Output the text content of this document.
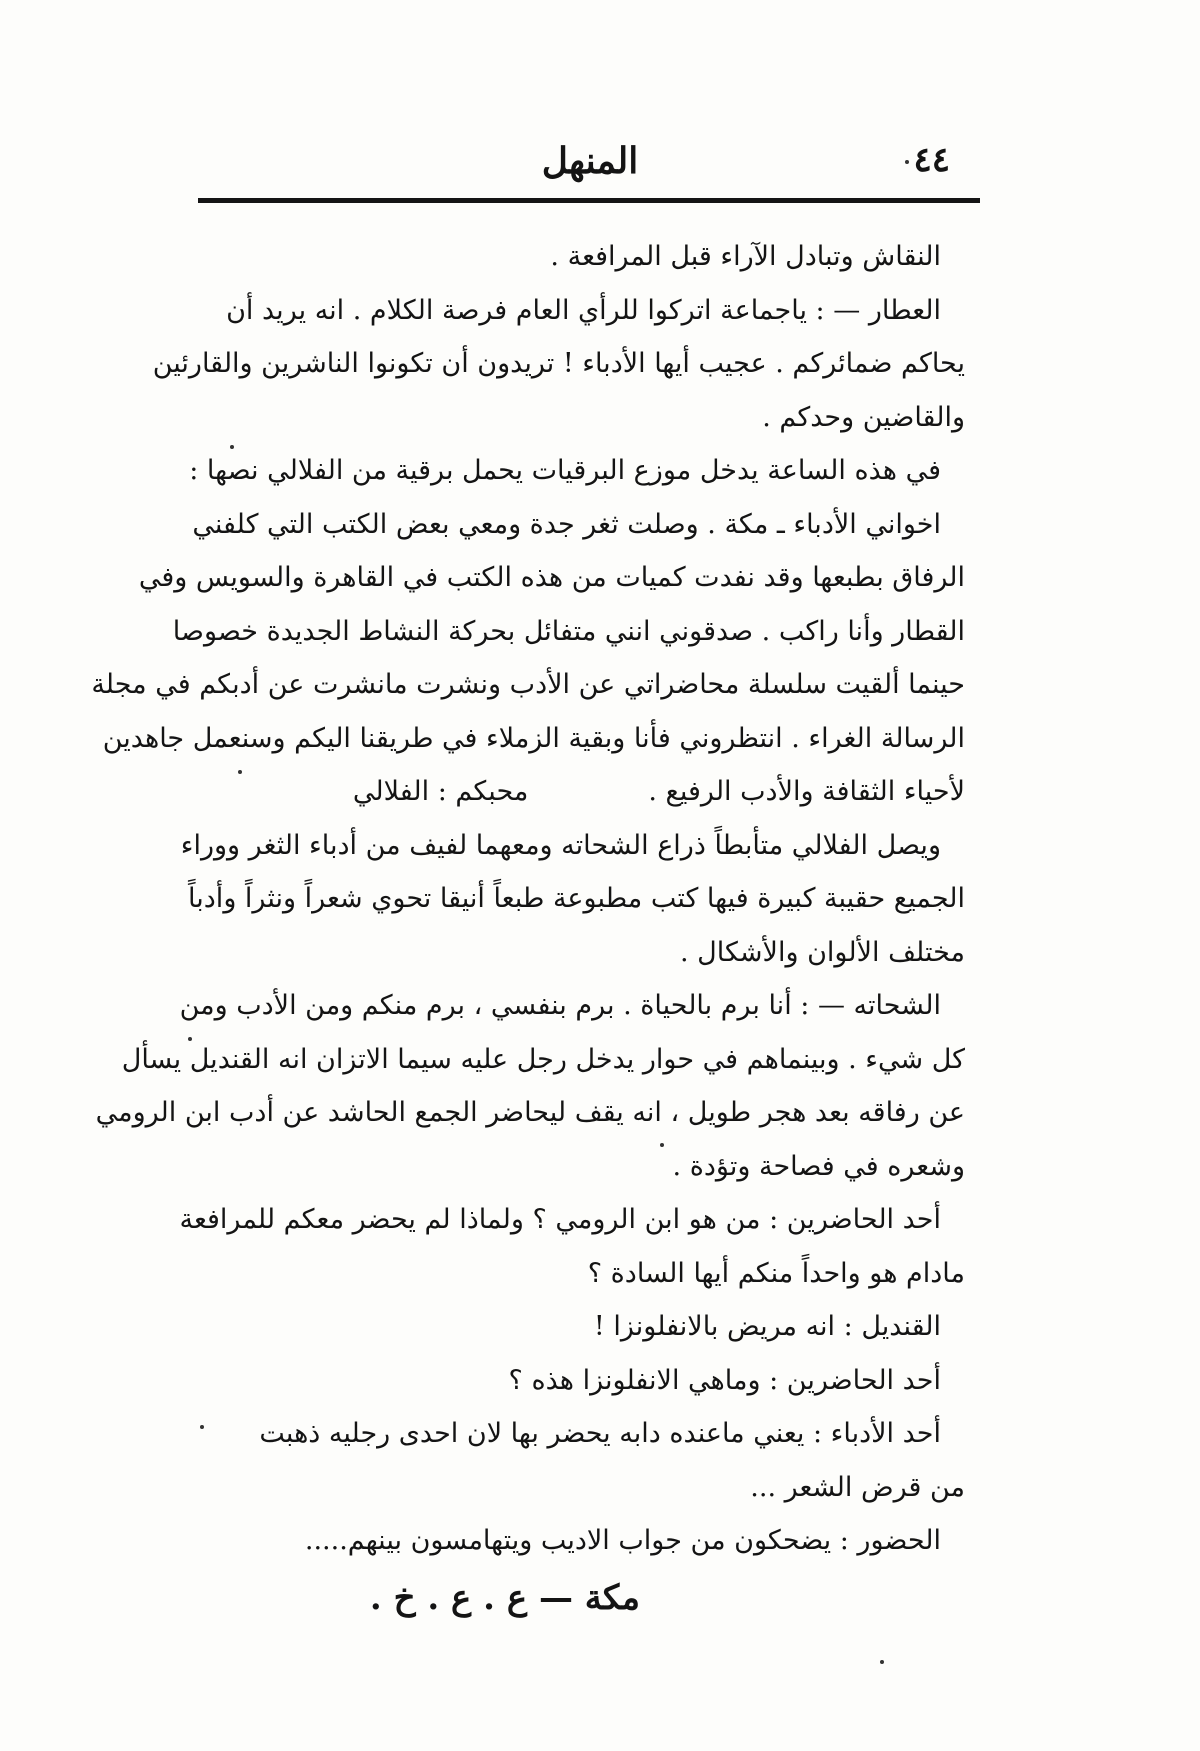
٤٤
المنهل
النقاش وتبادل الآراء قبل المرافعة .
العطار — : ياجماعة اتركوا للرأي العام فرصة الكلام . انه يريد أن
يحاكم ضمائركم . عجيب أيها الأدباء ! تريدون أن تكونوا الناشرين والقارئين
والقاضين وحدكم .
في هذه الساعة يدخل موزع البرقيات يحمل برقية من الفلالي نصها :
اخواني الأدباء ـ مكة . وصلت ثغر جدة ومعي بعض الكتب التي كلفني
الرفاق بطبعها وقد نفدت كميات من هذه الكتب في القاهرة والسويس وفي
القطار وأنا راكب . صدقوني انني متفائل بحركة النشاط الجديدة خصوصا
حينما ألقيت سلسلة محاضراتي عن الأدب ونشرت مانشرت عن أدبكم في مجلة
الرسالة الغراء . انتظروني فأنا وبقية الزملاء في طريقنا اليكم وسنعمل جاهدين
لأحياء الثقافة والأدب الرفيع .
محبكم : الفلالي
ويصل الفلالي متأبطاً ذراع الشحاته ومعهما لفيف من أدباء الثغر ووراء
الجميع حقيبة كبيرة فيها كتب مطبوعة طبعاً أنيقا تحوي شعراً ونثراً وأدباً
مختلف الألوان والأشكال .
الشحاته — : أنا برم بالحياة . برم بنفسي ، برم منكم ومن الأدب ومن
كل شيء . وبينماهم في حوار يدخل رجل عليه سيما الاتزان انه القنديل يسأل
عن رفاقه بعد هجر طويل ، انه يقف ليحاضر الجمع الحاشد عن أدب ابن الرومي
وشعره في فصاحة وتؤدة .
أحد الحاضرين : من هو ابن الرومي ؟ ولماذا لم يحضر معكم للمرافعة
مادام هو واحداً منكم أيها السادة ؟
القنديل : انه مريض بالانفلونزا !
أحد الحاضرين : وماهي الانفلونزا هذه ؟
أحد الأدباء : يعني ماعنده دابه يحضر بها لان احدى رجليه ذهبت
من قرض الشعر ...
الحضور : يضحكون من جواب الاديب ويتهامسون بينهم.....
مكة — ع . ع . خ .
